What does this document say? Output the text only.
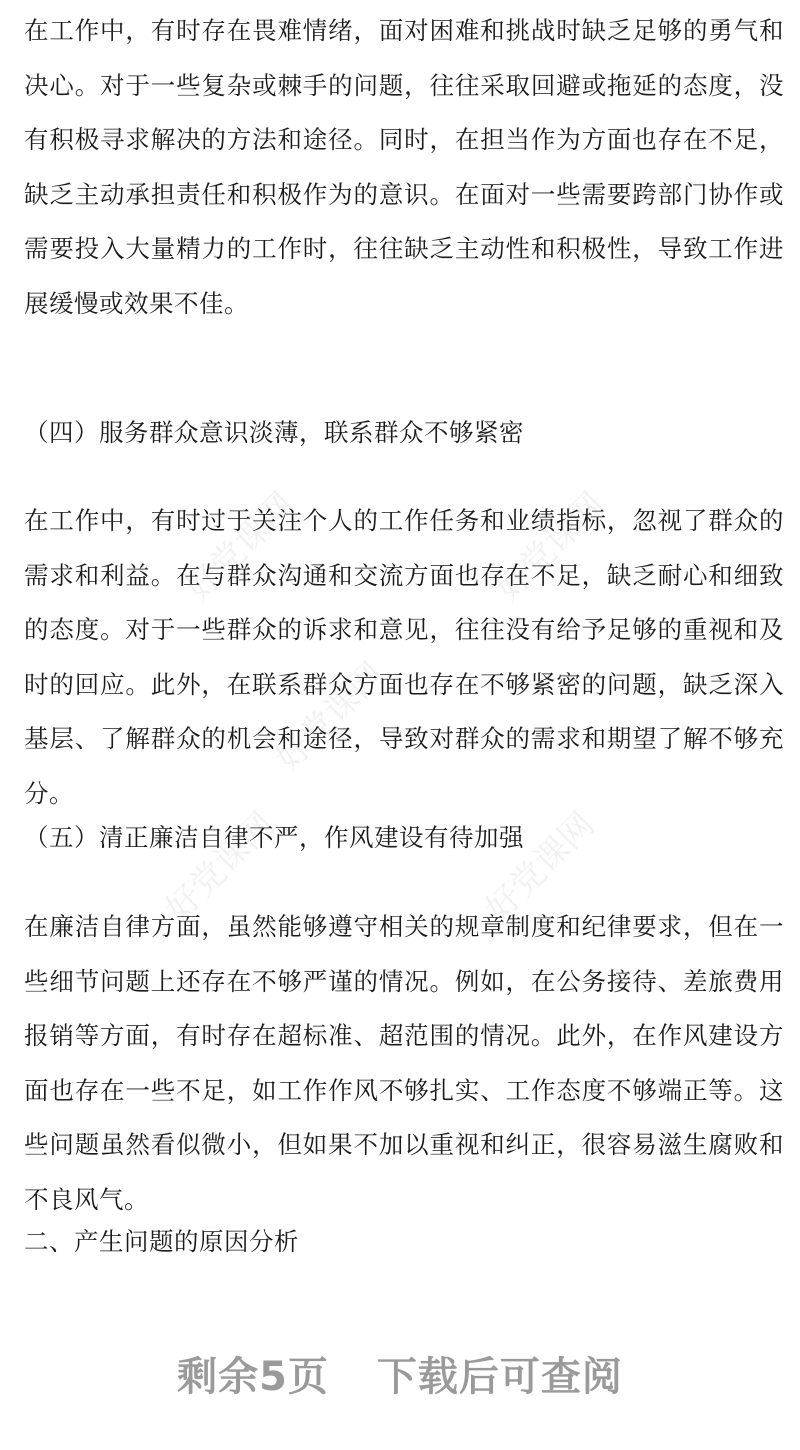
好党课网	好党课网
好党课网
好党课网	好党课网

在工作中，有时存在畏难情绪，面对困难和挑战时缺乏足够的勇气和决心。对于一些复杂或棘手的问题，往往采取回避或拖延的态度，没有积极寻求解决的方法和途径。同时，在担当作为方面也存在不足，缺乏主动承担责任和积极作为的意识。在面对一些需要跨部门协作或需要投入大量精力的工作时，往往缺乏主动性和积极性，导致工作进展缓慢或效果不佳。

（四）服务群众意识淡薄，联系群众不够紧密

在工作中，有时过于关注个人的工作任务和业绩指标，忽视了群众的需求和利益。在与群众沟通和交流方面也存在不足，缺乏耐心和细致的态度。对于一些群众的诉求和意见，往往没有给予足够的重视和及时的回应。此外，在联系群众方面也存在不够紧密的问题，缺乏深入基层、了解群众的机会和途径，导致对群众的需求和期望了解不够充分。

（五）清正廉洁自律不严，作风建设有待加强

在廉洁自律方面，虽然能够遵守相关的规章制度和纪律要求，但在一些细节问题上还存在不够严谨的情况。例如，在公务接待、差旅费用报销等方面，有时存在超标准、超范围的情况。此外，在作风建设方面也存在一些不足，如工作作风不够扎实、工作态度不够端正等。这些问题虽然看似微小，但如果不加以重视和纠正，很容易滋生腐败和不良风气。

二、产生问题的原因分析

剩余5页 下载后可查阅
